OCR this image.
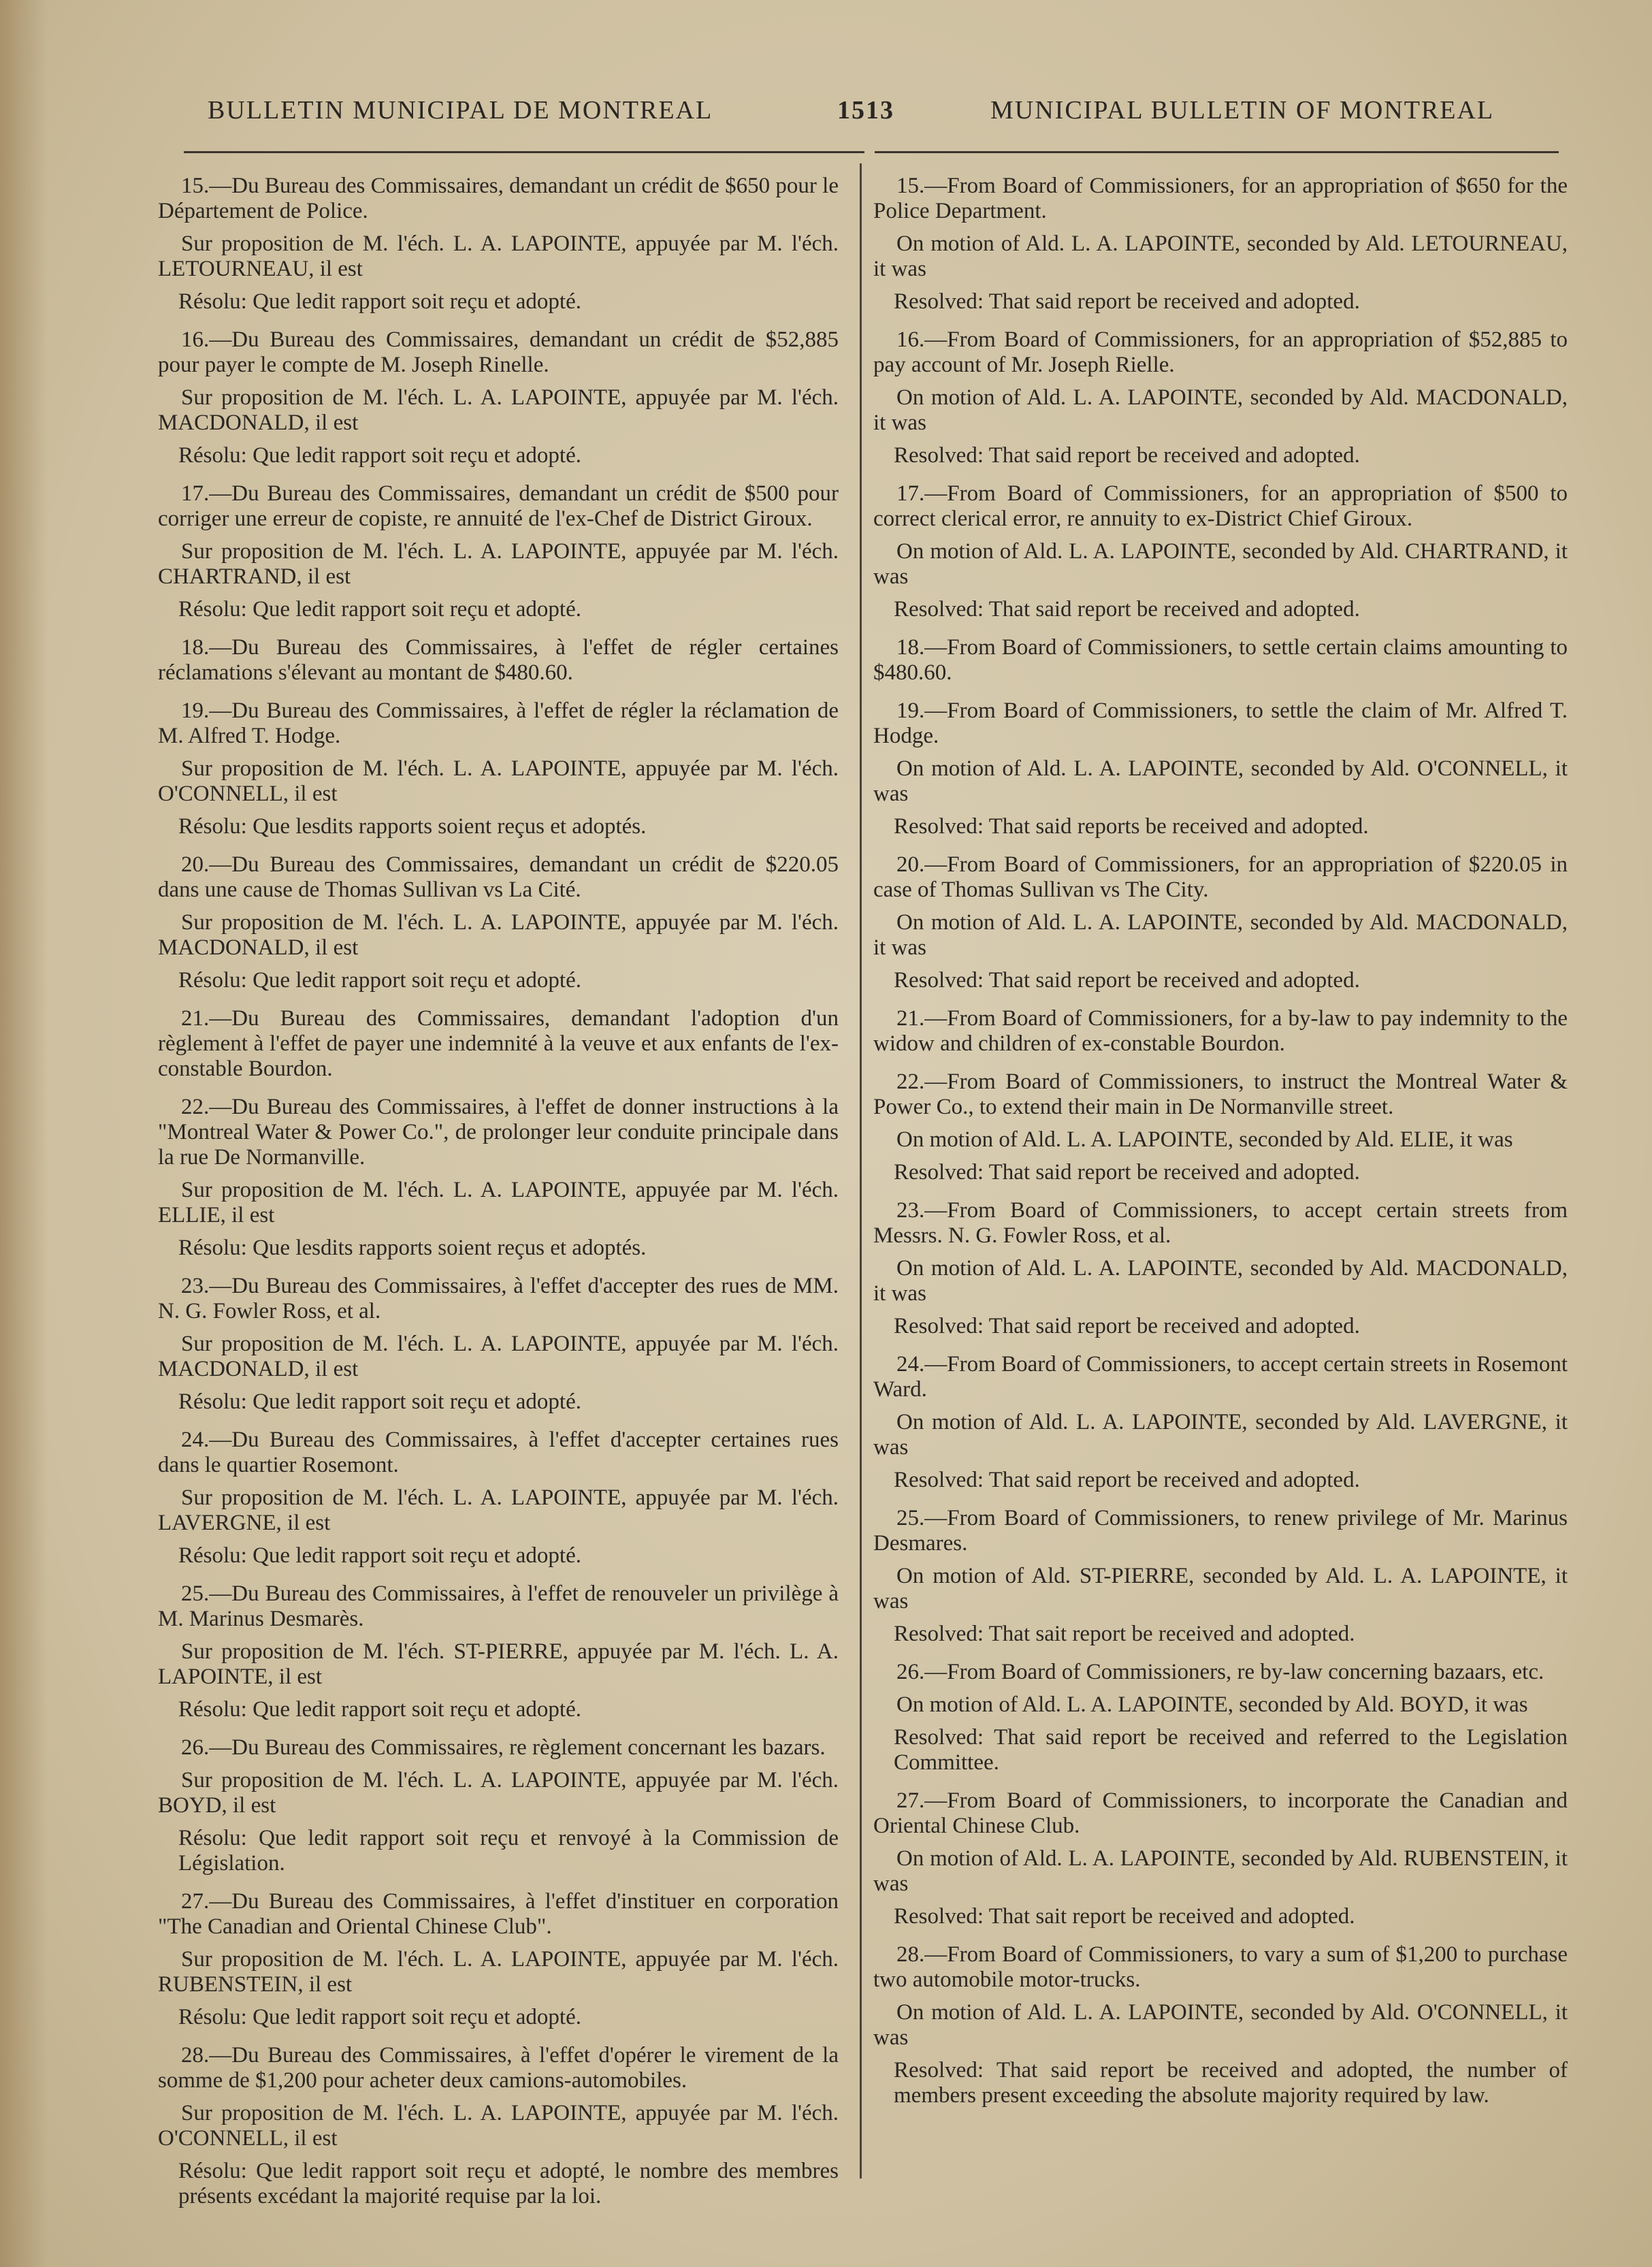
BULLETIN MUNICIPAL DE MONTREAL	1513	MUNICIPAL BULLETIN OF MONTREAL

15.—Du Bureau des Commissaires, demandant un crédit de $650 pour le Département de Police.

Sur proposition de M. l'éch. L. A. LAPOINTE, appuyée par M. l'éch. LETOURNEAU, il est

Résolu: Que ledit rapport soit reçu et adopté.

16.—Du Bureau des Commissaires, demandant un crédit de $52,885 pour payer le compte de M. Joseph Rinelle.

Sur proposition de M. l'éch. L. A. LAPOINTE, appuyée par M. l'éch. MACDONALD, il est

Résolu: Que ledit rapport soit reçu et adopté.

17.—Du Bureau des Commissaires, demandant un crédit de $500 pour corriger une erreur de copiste, re annuité de l'ex-Chef de District Giroux.

Sur proposition de M. l'éch. L. A. LAPOINTE, appuyée par M. l'éch. CHARTRAND, il est

Résolu: Que ledit rapport soit reçu et adopté.

18.—Du Bureau des Commissaires, à l'effet de régler certaines réclamations s'élevant au montant de $480.60.

19.—Du Bureau des Commissaires, à l'effet de régler la réclamation de M. Alfred T. Hodge.

Sur proposition de M. l'éch. L. A. LAPOINTE, appuyée par M. l'éch. O'CONNELL, il est

Résolu: Que lesdits rapports soient reçus et adoptés.

20.—Du Bureau des Commissaires, demandant un crédit de $220.05 dans une cause de Thomas Sullivan vs La Cité.

Sur proposition de M. l'éch. L. A. LAPOINTE, appuyée par M. l'éch. MACDONALD, il est

Résolu: Que ledit rapport soit reçu et adopté.

21.—Du Bureau des Commissaires, demandant l'adoption d'un règlement à l'effet de payer une indemnité à la veuve et aux enfants de l'ex-constable Bourdon.

22.—Du Bureau des Commissaires, à l'effet de donner instructions à la "Montreal Water & Power Co.", de prolonger leur conduite principale dans la rue De Normanville.

Sur proposition de M. l'éch. L. A. LAPOINTE, appuyée par M. l'éch. ELLIE, il est

Résolu: Que lesdits rapports soient reçus et adoptés.

23.—Du Bureau des Commissaires, à l'effet d'accepter des rues de MM. N. G. Fowler Ross, et al.

Sur proposition de M. l'éch. L. A. LAPOINTE, appuyée par M. l'éch. MACDONALD, il est

Résolu: Que ledit rapport soit reçu et adopté.

24.—Du Bureau des Commissaires, à l'effet d'accepter certaines rues dans le quartier Rosemont.

Sur proposition de M. l'éch. L. A. LAPOINTE, appuyée par M. l'éch. LAVERGNE, il est

Résolu: Que ledit rapport soit reçu et adopté.

25.—Du Bureau des Commissaires, à l'effet de renouveler un privilège à M. Marinus Desmarès.

Sur proposition de M. l'éch. ST-PIERRE, appuyée par M. l'éch. L. A. LAPOINTE, il est

Résolu: Que ledit rapport soit reçu et adopté.

26.—Du Bureau des Commissaires, re règlement concernant les bazars.

Sur proposition de M. l'éch. L. A. LAPOINTE, appuyée par M. l'éch. BOYD, il est

Résolu: Que ledit rapport soit reçu et renvoyé à la Commission de Législation.

27.—Du Bureau des Commissaires, à l'effet d'instituer en corporation "The Canadian and Oriental Chinese Club".

Sur proposition de M. l'éch. L. A. LAPOINTE, appuyée par M. l'éch. RUBENSTEIN, il est

Résolu: Que ledit rapport soit reçu et adopté.

28.—Du Bureau des Commissaires, à l'effet d'opérer le virement de la somme de $1,200 pour acheter deux camions-automobiles.

Sur proposition de M. l'éch. L. A. LAPOINTE, appuyée par M. l'éch. O'CONNELL, il est

Résolu: Que ledit rapport soit reçu et adopté, le nombre des membres présents excédant la majorité requise par la loi.

15.—From Board of Commissioners, for an appropriation of $650 for the Police Department.

On motion of Ald. L. A. LAPOINTE, seconded by Ald. LETOURNEAU, it was

Resolved: That said report be received and adopted.

16.—From Board of Commissioners, for an appropriation of $52,885 to pay account of Mr. Joseph Rielle.

On motion of Ald. L. A. LAPOINTE, seconded by Ald. MACDONALD, it was

Resolved: That said report be received and adopted.

17.—From Board of Commissioners, for an appropriation of $500 to correct clerical error, re annuity to ex-District Chief Giroux.

On motion of Ald. L. A. LAPOINTE, seconded by Ald. CHARTRAND, it was

Resolved: That said report be received and adopted.

18.—From Board of Commissioners, to settle certain claims amounting to $480.60.

19.—From Board of Commissioners, to settle the claim of Mr. Alfred T. Hodge.

On motion of Ald. L. A. LAPOINTE, seconded by Ald. O'CONNELL, it was

Resolved: That said reports be received and adopted.

20.—From Board of Commissioners, for an appropriation of $220.05 in case of Thomas Sullivan vs The City.

On motion of Ald. L. A. LAPOINTE, seconded by Ald. MACDONALD, it was

Resolved: That said report be received and adopted.

21.—From Board of Commissioners, for a by-law to pay indemnity to the widow and children of ex-constable Bourdon.

22.—From Board of Commissioners, to instruct the Montreal Water & Power Co., to extend their main in De Normanville street.

On motion of Ald. L. A. LAPOINTE, seconded by Ald. ELIE, it was

Resolved: That said report be received and adopted.

23.—From Board of Commissioners, to accept certain streets from Messrs. N. G. Fowler Ross, et al.

On motion of Ald. L. A. LAPOINTE, seconded by Ald. MACDONALD, it was

Resolved: That said report be received and adopted.

24.—From Board of Commissioners, to accept certain streets in Rosemont Ward.

On motion of Ald. L. A. LAPOINTE, seconded by Ald. LAVERGNE, it was

Resolved: That said report be received and adopted.

25.—From Board of Commissioners, to renew privilege of Mr. Marinus Desmares.

On motion of Ald. ST-PIERRE, seconded by Ald. L. A. LAPOINTE, it was

Resolved: That sait report be received and adopted.

26.—From Board of Commissioners, re by-law concerning bazaars, etc.

On motion of Ald. L. A. LAPOINTE, seconded by Ald. BOYD, it was

Resolved: That said report be received and referred to the Legislation Committee.

27.—From Board of Commissioners, to incorporate the Canadian and Oriental Chinese Club.

On motion of Ald. L. A. LAPOINTE, seconded by Ald. RUBENSTEIN, it was

Resolved: That sait report be received and adopted.

28.—From Board of Commissioners, to vary a sum of $1,200 to purchase two automobile motor-trucks.

On motion of Ald. L. A. LAPOINTE, seconded by Ald. O'CONNELL, it was

Resolved: That said report be received and adopted, the number of members present exceeding the absolute majority required by law.
